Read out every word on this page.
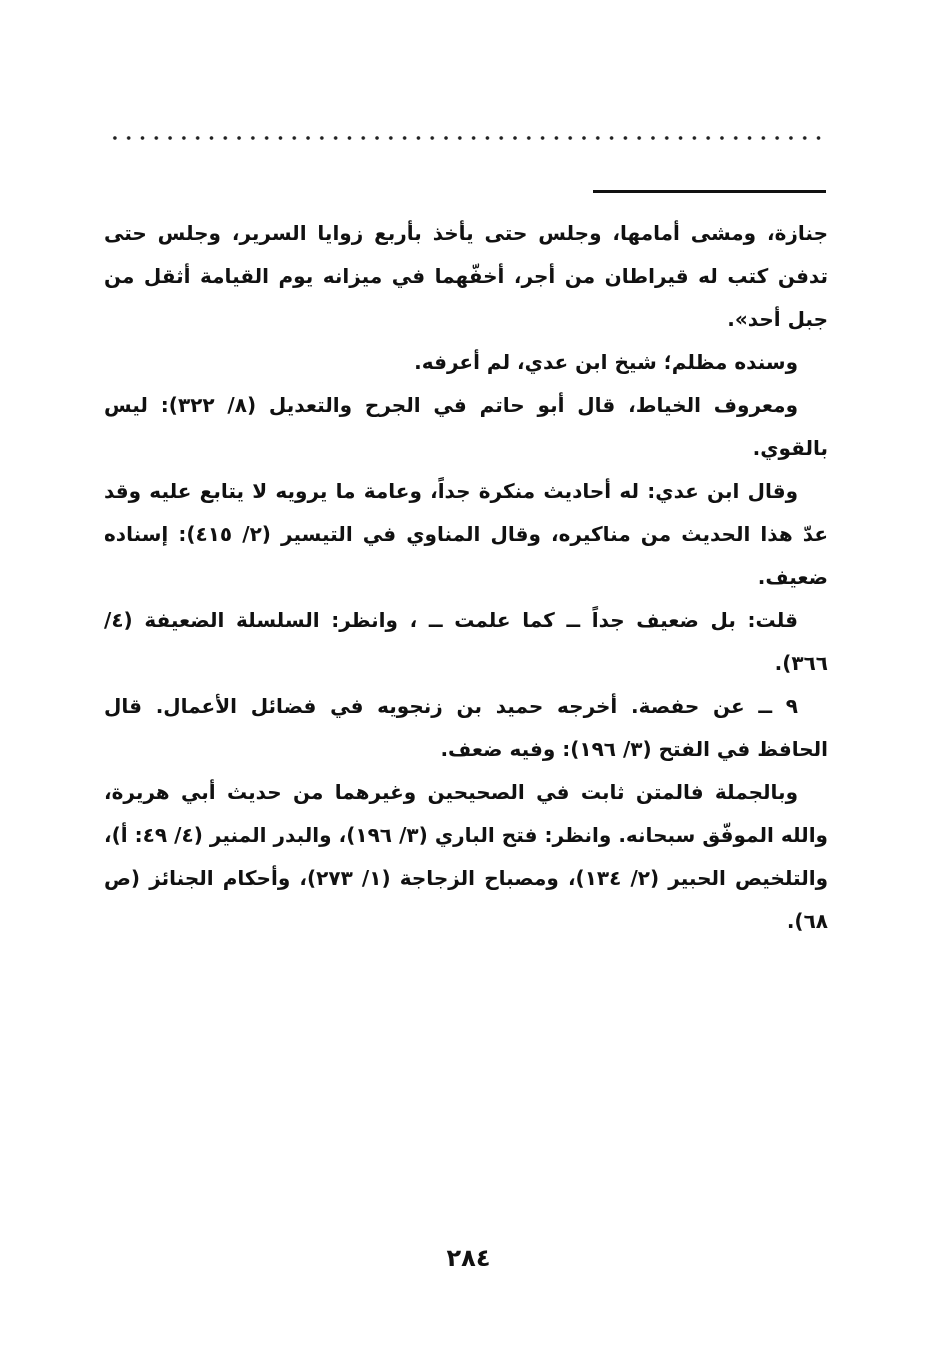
جنازة، ومشى أمامها، وجلس حتى يأخذ بأربع زوايا السرير، وجلس حتى تدفن كتب له قيراطان من أجر، أخفّهما في ميزانه يوم القيامة أثقل من جبل أحد».

وسنده مظلم؛ شيخ ابن عدي، لم أعرفه.

ومعروف الخياط، قال أبو حاتم في الجرح والتعديل (٨/ ٣٢٢): ليس بالقوي.

وقال ابن عدي: له أحاديث منكرة جداً، وعامة ما يرويه لا يتابع عليه وقد عدّ هذا الحديث من مناكيره، وقال المناوي في التيسير (٢/ ٤١٥): إسناده ضعيف.

قلت: بل ضعيف جداً ــ كما علمت ــ ، وانظر: السلسلة الضعيفة (٤/ ٣٦٦).

٩ ــ عن حفصة. أخرجه حميد بن زنجويه في فضائل الأعمال. قال الحافظ في الفتح (٣/ ١٩٦): وفيه ضعف.

وبالجملة فالمتن ثابت في الصحيحين وغيرهما من حديث أبي هريرة، والله الموفّق سبحانه. وانظر: فتح الباري (٣/ ١٩٦)، والبدر المنير (٤/ ٤٩: أ)، والتلخيص الحبير (٢/ ١٣٤)، ومصباح الزجاجة (١/ ٢٧٣)، وأحكام الجنائز (ص ٦٨).

٢٨٤
